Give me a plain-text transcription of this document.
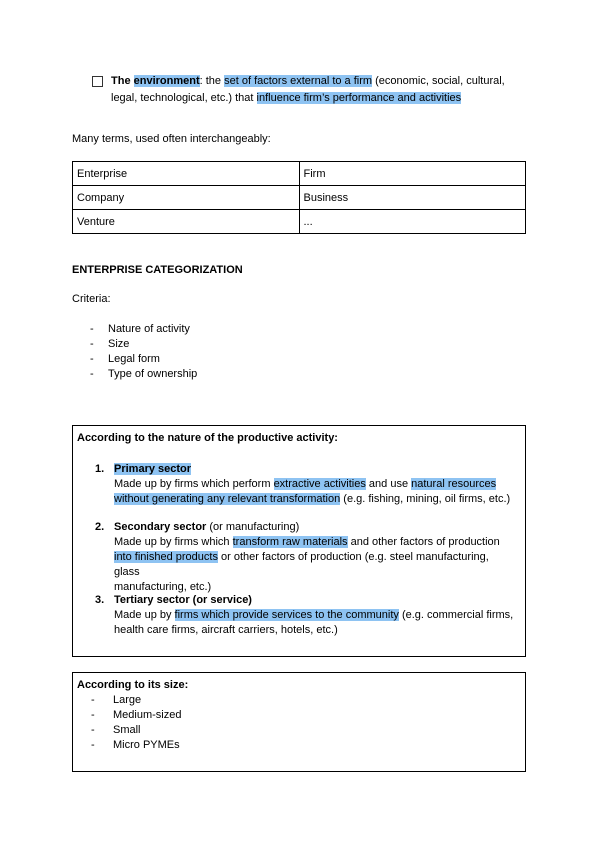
The environment: the set of factors external to a firm (economic, social, cultural,
legal, technological, etc.) that influence firm’s performance and activities
Many terms, used often interchangeably:
Enterprise	Firm
Company	Business
Venture	...
ENTERPRISE CATEGORIZATION
Criteria:
- Nature of activity
- Size
- Legal form
- Type of ownership
According to the nature of the productive activity:
1. Primary sector
Made up by firms which perform extractive activities and use natural resources
without generating any relevant transformation (e.g. fishing, mining, oil firms, etc.)
2. Secondary sector (or manufacturing)
Made up by firms which transform raw materials and other factors of production
into finished products or other factors of production (e.g. steel manufacturing, glass
manufacturing, etc.)
3. Tertiary sector (or service)
Made up by firms which provide services to the community (e.g. commercial firms,
health care firms, aircraft carriers, hotels, etc.)
According to its size:
- Large
- Medium-sized
- Small
- Micro PYMEs
